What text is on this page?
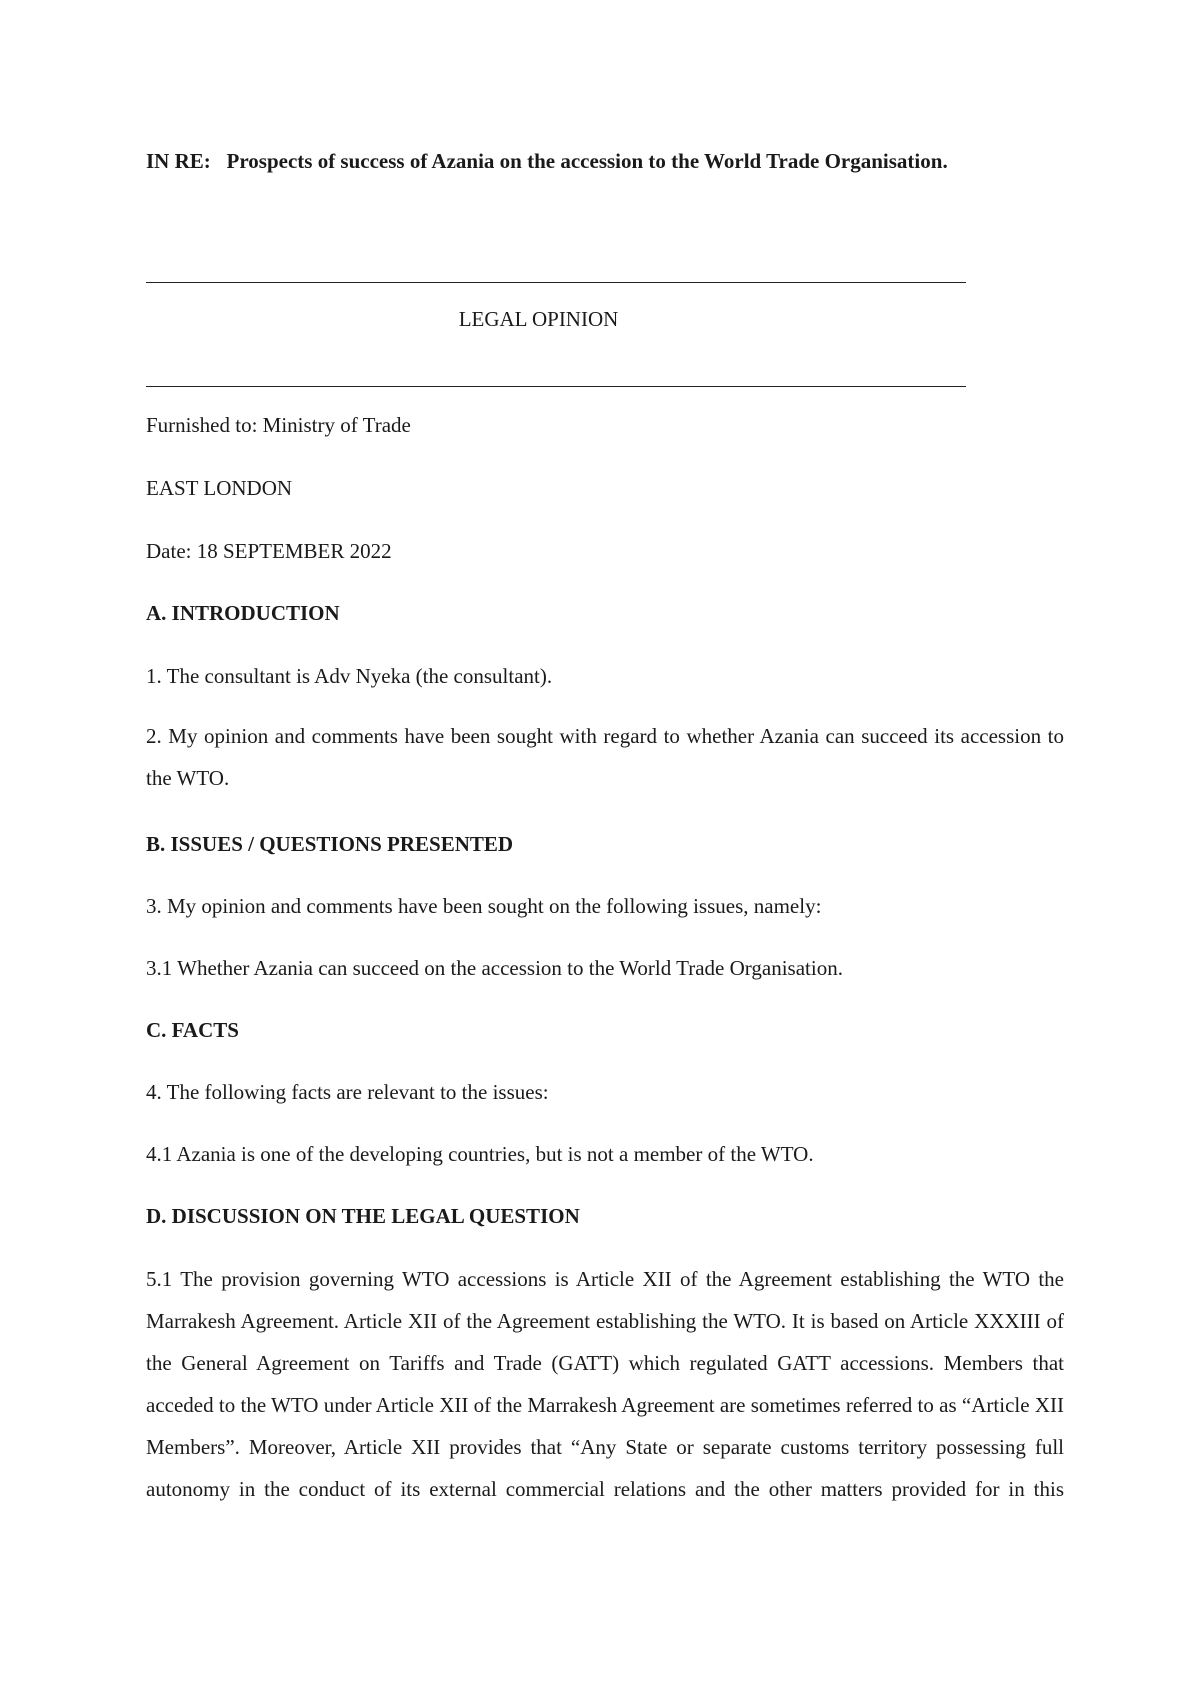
IN RE: Prospects of success of Azania on the accession to the World Trade Organisation.

LEGAL OPINION

Furnished to: Ministry of Trade

EAST LONDON

Date: 18 SEPTEMBER 2022

A. INTRODUCTION

1. The consultant is Adv Nyeka (the consultant).

2. My opinion and comments have been sought with regard to whether Azania can succeed its accession to the WTO.

B. ISSUES / QUESTIONS PRESENTED

3. My opinion and comments have been sought on the following issues, namely:

3.1 Whether Azania can succeed on the accession to the World Trade Organisation.

C. FACTS

4. The following facts are relevant to the issues:

4.1 Azania is one of the developing countries, but is not a member of the WTO.

D. DISCUSSION ON THE LEGAL QUESTION

5.1 The provision governing WTO accessions is Article XII of the Agreement establishing the WTO the Marrakesh Agreement. Article XII of the Agreement establishing the WTO. It is based on Article XXXIII of the General Agreement on Tariffs and Trade (GATT) which regulated GATT accessions. Members that acceded to the WTO under Article XII of the Marrakesh Agreement are sometimes referred to as “Article XII Members”. Moreover, Article XII provides that “Any State or separate customs territory possessing full autonomy in the conduct of its external commercial relations and the other matters provided for in this
